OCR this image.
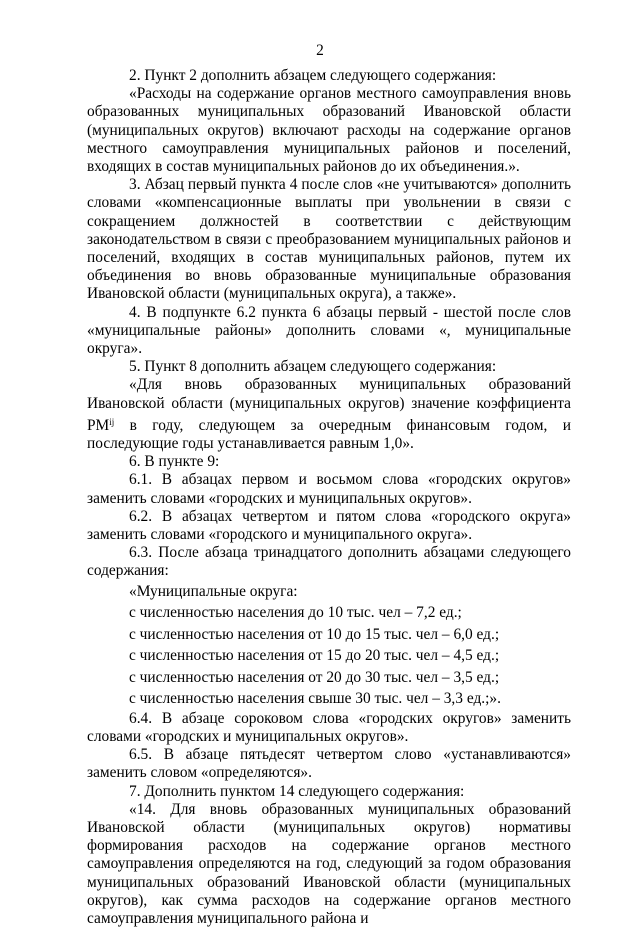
2

2. Пункт 2 дополнить абзацем следующего содержания:

«Расходы на содержание органов местного самоуправления вновь образованных муниципальных образований Ивановской области (муниципальных округов) включают расходы на содержание органов местного самоуправления муниципальных районов и поселений, входящих в состав муниципальных районов до их объединения.».

3. Абзац первый пункта 4 после слов «не учитываются» дополнить словами «компенсационные выплаты при увольнении в связи с сокращением должностей в соответствии с действующим законодательством в связи с преобразованием муниципальных районов и поселений, входящих в состав муниципальных районов, путем их объединения во вновь образованные муниципальные образования Ивановской области (муниципальных округа), а также».

4. В подпункте 6.2 пункта 6 абзацы первый - шестой после слов «муниципальные районы» дополнить словами «, муниципальные округа».

5. Пункт 8 дополнить абзацем следующего содержания:

«Для вновь образованных муниципальных образований Ивановской области (муниципальных округов) значение коэффициента $РМ^{ij}$ в году, следующем за очередным финансовым годом, и последующие годы устанавливается равным 1,0».

6. В пункте 9:

6.1. В абзацах первом и восьмом слова «городских округов» заменить словами «городских и муниципальных округов».

6.2. В абзацах четвертом и пятом слова «городского округа» заменить словами «городского и муниципального округа».

6.3. После абзаца тринадцатого дополнить абзацами следующего содержания:

«Муниципальные округа:

с численностью населения до 10 тыс. чел – 7,2 ед.;

с численностью населения от 10 до 15 тыс. чел – 6,0 ед.;

с численностью населения от 15 до 20 тыс. чел – 4,5 ед.;

с численностью населения от 20 до 30 тыс. чел – 3,5 ед.;

с численностью населения свыше 30 тыс. чел – 3,3 ед.;».

6.4. В абзаце сороковом слова «городских округов» заменить словами «городских и муниципальных округов».

6.5. В абзаце пятьдесят четвертом слово «устанавливаются» заменить словом «определяются».

7. Дополнить пунктом 14 следующего содержания:

«14. Для вновь образованных муниципальных образований Ивановской области (муниципальных округов) нормативы формирования расходов на содержание органов местного самоуправления определяются на год, следующий за годом образования муниципальных образований Ивановской области (муниципальных округов), как сумма расходов на содержание органов местного самоуправления муниципального района и
